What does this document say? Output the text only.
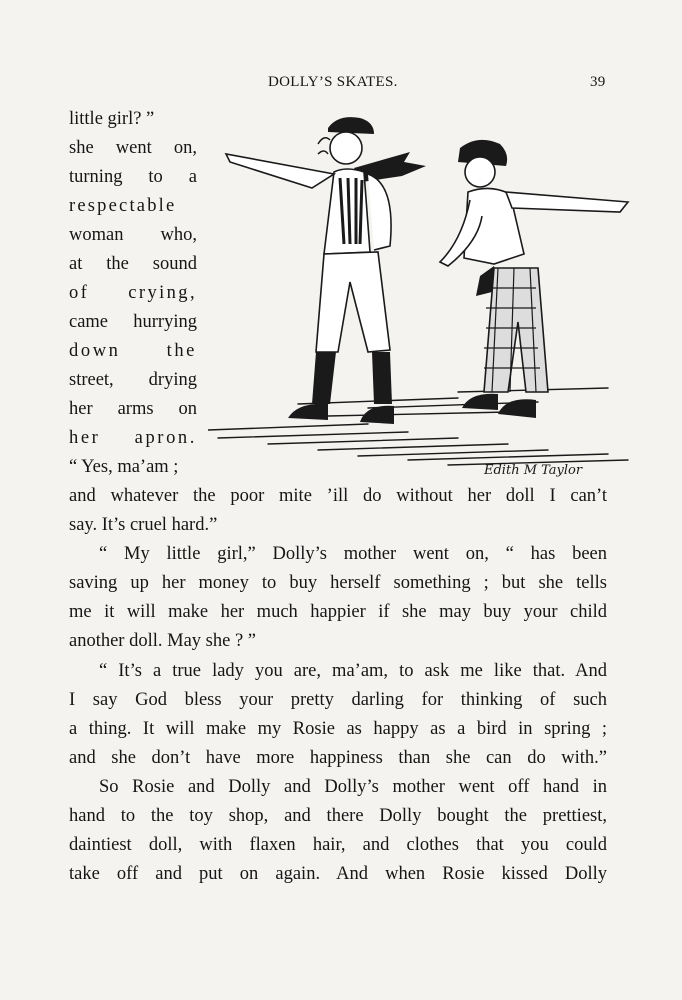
DOLLY’S SKATES.	39
little girl? ”
she went on,
turning to a
respectable
woman who,
at the sound
of crying,
came hurrying
down the
street, drying
her arms on
her apron.
“ Yes, ma’am ;	Edith M Taylor
and whatever the poor mite ’ill do without her doll I can’t
say. It’s cruel hard.”
“ My little girl,” Dolly’s mother went on, “ has been
saving up her money to buy herself something ; but she tells
me it will make her much happier if she may buy your child
another doll. May she ? ”
“ It’s a true lady you are, ma’am, to ask me like that. And
I say God bless your pretty darling for thinking of such
a thing. It will make my Rosie as happy as a bird in spring ;
and she don’t have more happiness than she can do with.”
So Rosie and Dolly and Dolly’s mother went off hand in
hand to the toy shop, and there Dolly bought the prettiest,
daintiest doll, with flaxen hair, and clothes that you could
take off and put on again. And when Rosie kissed Dolly
